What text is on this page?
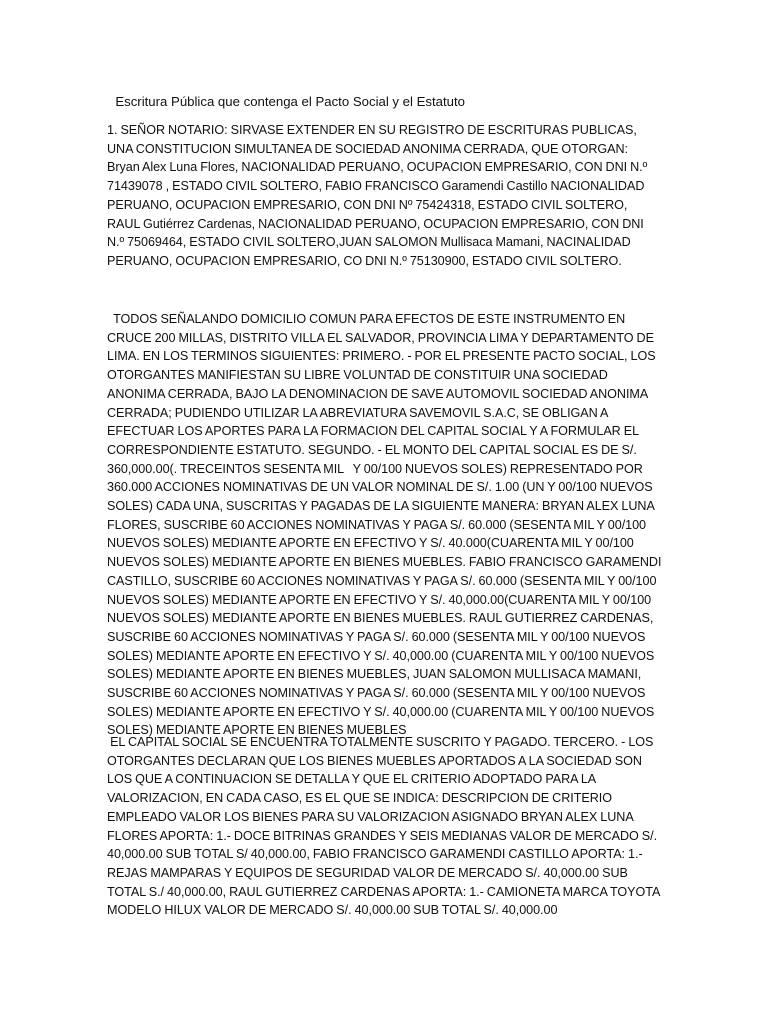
Escritura Pública que contenga el Pacto Social y el Estatuto
1. SEÑOR NOTARIO: SIRVASE EXTENDER EN SU REGISTRO DE ESCRITURAS PUBLICAS, UNA CONSTITUCION SIMULTANEA DE SOCIEDAD ANONIMA CERRADA, QUE OTORGAN: Bryan Alex Luna Flores, NACIONALIDAD PERUANO, OCUPACION EMPRESARIO, CON DNI N.º 71439078 , ESTADO CIVIL SOLTERO, FABIO FRANCISCO Garamendi Castillo NACIONALIDAD PERUANO, OCUPACION EMPRESARIO, CON DNI Nº 75424318, ESTADO CIVIL SOLTERO, RAUL Gutiérrez Cardenas, NACIONALIDAD PERUANO, OCUPACION EMPRESARIO, CON DNI N.º 75069464, ESTADO CIVIL SOLTERO,JUAN SALOMON Mullisaca Mamani, NACINALIDAD PERUANO, OCUPACION EMPRESARIO, CO DNI N.º 75130900, ESTADO CIVIL SOLTERO.
TODOS SEÑALANDO DOMICILIO COMUN PARA EFECTOS DE ESTE INSTRUMENTO EN CRUCE 200 MILLAS, DISTRITO VILLA EL SALVADOR, PROVINCIA LIMA Y DEPARTAMENTO DE LIMA. EN LOS TERMINOS SIGUIENTES: PRIMERO. - POR EL PRESENTE PACTO SOCIAL, LOS OTORGANTES MANIFIESTAN SU LIBRE VOLUNTAD DE CONSTITUIR UNA SOCIEDAD ANONIMA CERRADA, BAJO LA DENOMINACION DE SAVE AUTOMOVIL SOCIEDAD ANONIMA CERRADA; PUDIENDO UTILIZAR LA ABREVIATURA SAVEMOVIL S.A.C, SE OBLIGAN A EFECTUAR LOS APORTES PARA LA FORMACION DEL CAPITAL SOCIAL Y A FORMULAR EL CORRESPONDIENTE ESTATUTO. SEGUNDO. - EL MONTO DEL CAPITAL SOCIAL ES DE S/. 360,000.00(. TRECEINTOS SESENTA MIL   Y 00/100 NUEVOS SOLES) REPRESENTADO POR 360.000 ACCIONES NOMINATIVAS DE UN VALOR NOMINAL DE S/. 1.00 (UN Y 00/100 NUEVOS SOLES) CADA UNA, SUSCRITAS Y PAGADAS DE LA SIGUIENTE MANERA: BRYAN ALEX LUNA FLORES, SUSCRIBE 60 ACCIONES NOMINATIVAS Y PAGA S/. 60.000 (SESENTA MIL Y 00/100 NUEVOS SOLES) MEDIANTE APORTE EN EFECTIVO Y S/. 40.000(CUARENTA MIL Y 00/100 NUEVOS SOLES) MEDIANTE APORTE EN BIENES MUEBLES. FABIO FRANCISCO GARAMENDI CASTILLO, SUSCRIBE 60 ACCIONES NOMINATIVAS Y PAGA S/. 60.000 (SESENTA MIL Y 00/100 NUEVOS SOLES) MEDIANTE APORTE EN EFECTIVO Y S/. 40,000.00(CUARENTA MIL Y 00/100 NUEVOS SOLES) MEDIANTE APORTE EN BIENES MUEBLES. RAUL GUTIERREZ CARDENAS, SUSCRIBE 60 ACCIONES NOMINATIVAS Y PAGA S/. 60.000 (SESENTA MIL Y 00/100 NUEVOS SOLES) MEDIANTE APORTE EN EFECTIVO Y S/. 40,000.00 (CUARENTA MIL Y 00/100 NUEVOS SOLES) MEDIANTE APORTE EN BIENES MUEBLES, JUAN SALOMON MULLISACA MAMANI, SUSCRIBE 60 ACCIONES NOMINATIVAS Y PAGA S/. 60.000 (SESENTA MIL Y 00/100 NUEVOS SOLES) MEDIANTE APORTE EN EFECTIVO Y S/. 40,000.00 (CUARENTA MIL Y 00/100 NUEVOS SOLES) MEDIANTE APORTE EN BIENES MUEBLES
EL CAPITAL SOCIAL SE ENCUENTRA TOTALMENTE SUSCRITO Y PAGADO. TERCERO. - LOS OTORGANTES DECLARAN QUE LOS BIENES MUEBLES APORTADOS A LA SOCIEDAD SON LOS QUE A CONTINUACION SE DETALLA Y QUE EL CRITERIO ADOPTADO PARA LA VALORIZACION, EN CADA CASO, ES EL QUE SE INDICA: DESCRIPCION DE CRITERIO EMPLEADO VALOR LOS BIENES PARA SU VALORIZACION ASIGNADO BRYAN ALEX LUNA FLORES APORTA: 1.- DOCE BITRINAS GRANDES Y SEIS MEDIANAS VALOR DE MERCADO S/. 40,000.00 SUB TOTAL S/ 40,000.00, FABIO FRANCISCO GARAMENDI CASTILLO APORTA: 1.-REJAS MAMPARAS Y EQUIPOS DE SEGURIDAD VALOR DE MERCADO S/. 40,000.00 SUB TOTAL S./ 40,000.00, RAUL GUTIERREZ CARDENAS APORTA: 1.- CAMIONETA MARCA TOYOTA MODELO HILUX VALOR DE MERCADO S/. 40,000.00 SUB TOTAL S/. 40,000.00
